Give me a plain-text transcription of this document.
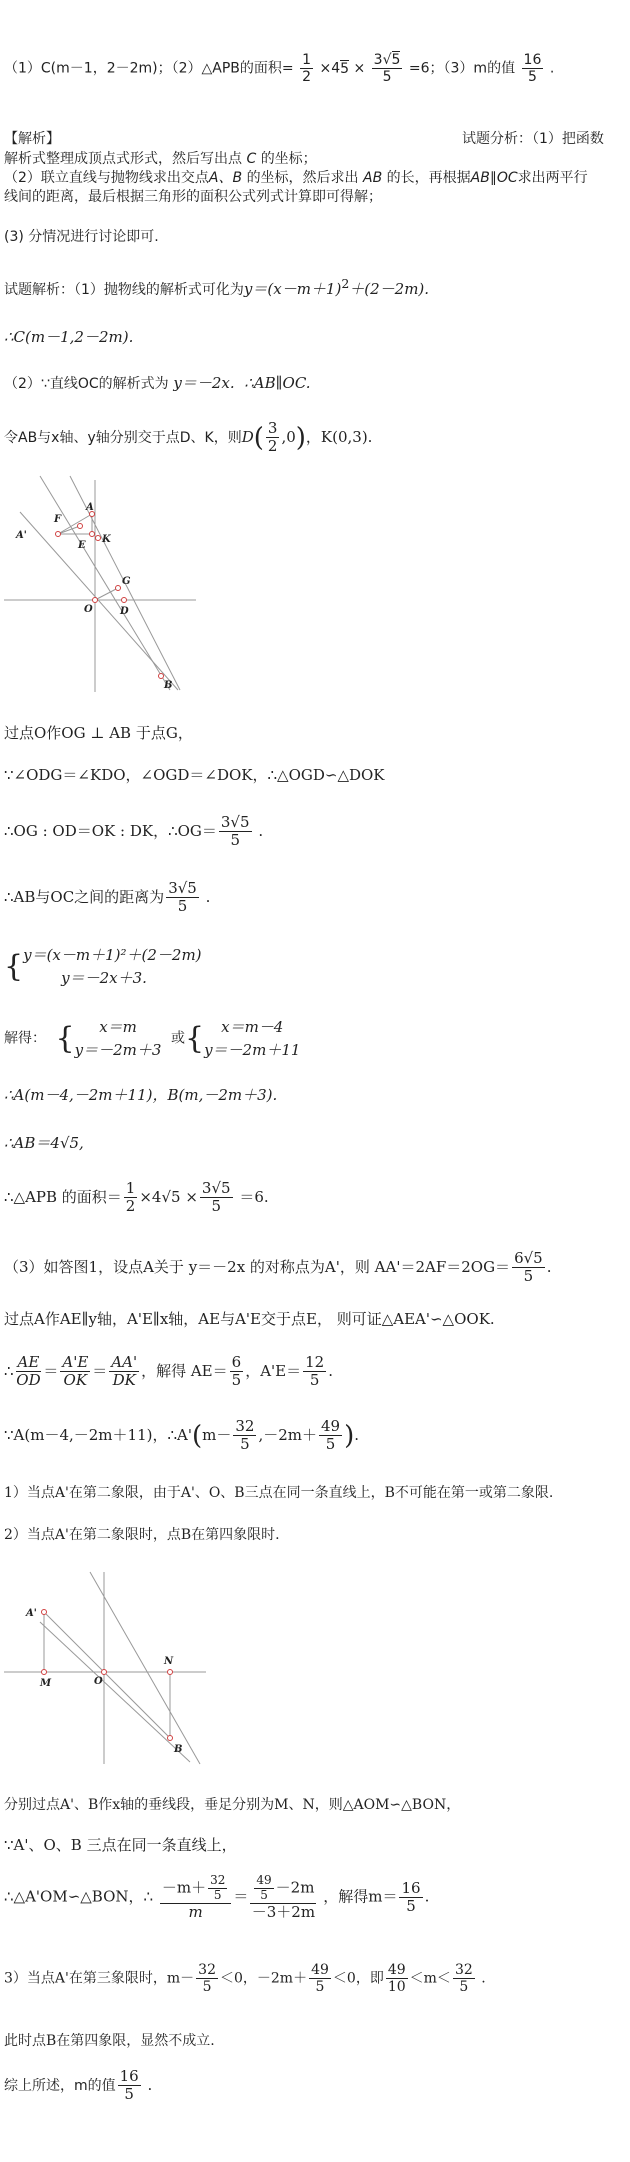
（1）C(m－1，2－2m)；（2）△APB的面积= $\frac{1}{2} \times 45 \times \frac{3√5}{5} =6$；（3）m的值 $\frac{16}{5}$ .
【解析】	试题分析：（1）把函数
解析式整理成顶点式形式，然后写出点 C 的坐标；
（2）联立直线与抛物线求出交点A、B 的坐标，然后求出 AB 的长，再根据AB∥OC求出两平行
线间的距离，最后根据三角形的面积公式列式计算即可得解；
(3) 分情况进行讨论即可.
试题解析：（1）抛物线的解析式可化为$y=(x-m+1)^2+(2-2m)$.
∴C(m－1,2－2m).
（2）∵直线OC的解析式为 y＝－2x. ∴AB∥OC.
令AB与x轴、y轴分别交于点D、K，则$D( \frac{3}{2} ,0)$，K(0,3).
A'
F
A
E
K
G
O	D
B
过点O作OG ⊥ AB 于点G，
∵∠ODG＝∠KDO，∠OGD＝∠DOK，∴△OGD∽△DOK
∴OG : OD＝OK : DK，∴OG＝ $\frac{3√5}{5}$ .
∴AB与OC之间的距离为 $\frac{3√5}{5}$ .
{ y＝(x－m＋1)²＋(2－2m)
y＝－2x＋3.
解得： {	x＝m
y＝－2m＋3
或{	x＝m－4
y＝－2m＋11
∴A(m－4,－2m＋11)，B(m,－2m＋3).
∴AB＝4√5,
∴△APB 的面积＝ $\frac{1}{2} \times 4√5 \times \frac{3√5}{5} =6$.
（3）如答图1，设点A关于 y＝－2x 的对称点为A'，则 $AA'=2AF=2OG= \frac{6√5}{5}$ .
过点A作AE∥y轴，A'E∥x轴，AE与A'E交于点E， 则可证△AEA'∽△OOK.
∴ $\frac{AE}{OD} = \frac{A'E}{OK} = \frac{AA'}{DK}$ ，解得 $AE= \frac{6}{5}$ ，$A'E= \frac{12}{5}$ .
∵A(m－4,－2m＋11)，∴A'(m－ $\frac{32}{5} ,-2m+ \frac{49}{5}$ ).
1）当点A'在第二象限，由于A'、O、B三点在同一条直线上，B不可能在第一或第二象限.
2）当点A'在第二象限时，点B在第四象限时.
A'
M	O
N
B
分别过点A'、B作x轴的垂线段，垂足分别为M、N，则△AOM∽△BON，
∵A'、O、B 三点在同一条直线上，
∴△A'OM∽△BON，∴ $\frac{-m+ \frac{32}{5}}{m} = \frac{\frac{49}{5} -2m}{-3+2m}$ ，解得$m= \frac{16}{5}$ .
3）当点A'在第三象限时，$m- \frac{32}{5} <0$，$-2m+ \frac{49}{5} <0$，即 $\frac{49}{10} <m< \frac{32}{5}$ .
此时点B在第四象限，显然不成立.
综上所述，m的值 $\frac{16}{5}$ .
